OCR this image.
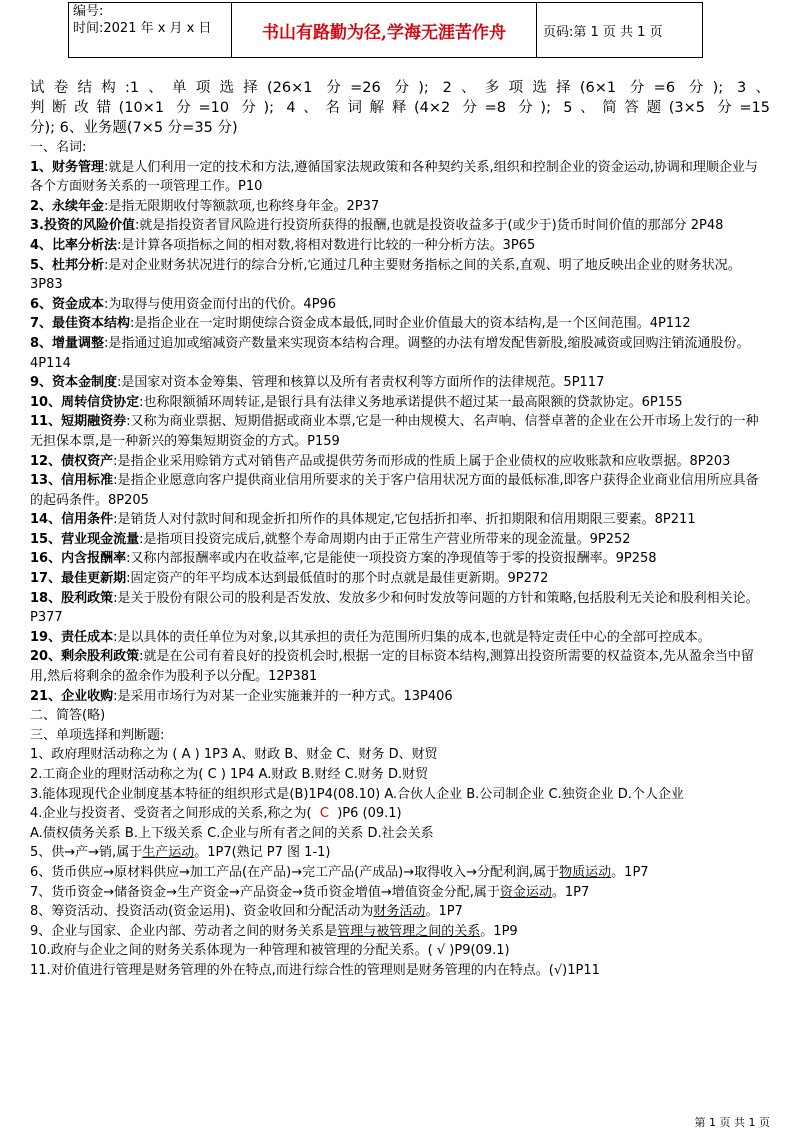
编号:
时间:2021 年 x 月 x 日	书山有路勤为径,学海无涯苦作舟	页码:第 1 页 共 1 页

试卷结构:1、单项选择(26×1 分=26 分); 2、多项选择(6×1 分=6 分); 3、

判断改错(10×1 分=10 分); 4、名词解释(4×2 分=8 分); 5、简答题(3×5 分=15

分); 6、业务题(7×5 分=35 分)

一、名词:

1、财务管理:就是人们利用一定的技术和方法,遵循国家法规政策和各种契约关系,组织和控制企业的资金运动,协调和理顺企业与各个方面财务关系的一项管理工作。P10

2、永续年金:是指无限期收付等额款项,也称终身年金。2P37

3.投资的风险价值:就是指投资者冒风险进行投资所获得的报酬,也就是投资收益多于(或少于)货币时间价值的那部分 2P48

4、比率分析法:是计算各项指标之间的相对数,将相对数进行比较的一种分析方法。3P65

5、杜邦分析:是对企业财务状况进行的综合分析,它通过几种主要财务指标之间的关系,直观、明了地反映出企业的财务状况。3P83

6、资金成本:为取得与使用资金而付出的代价。4P96

7、最佳资本结构:是指企业在一定时期使综合资金成本最低,同时企业价值最大的资本结构,是一个区间范围。4P112

8、增量调整:是指通过追加或缩减资产数量来实现资本结构合理。调整的办法有增发配售新股,缩股减资或回购注销流通股份。4P114

9、资本金制度:是国家对资本金筹集、管理和核算以及所有者责权利等方面所作的法律规范。5P117

10、周转信贷协定:也称限额循环周转证,是银行具有法律义务地承诺提供不超过某一最高限额的贷款协定。6P155

11、短期融资券:又称为商业票据、短期借据或商业本票,它是一种由规模大、名声响、信誉卓著的企业在公开市场上发行的一种无担保本票,是一种新兴的筹集短期资金的方式。P159

12、债权资产:是指企业采用赊销方式对销售产品或提供劳务而形成的性质上属于企业债权的应收账款和应收票据。8P203

13、信用标准:是指企业愿意向客户提供商业信用所要求的关于客户信用状况方面的最低标准,即客户获得企业商业信用所应具备的起码条件。8P205

14、信用条件:是销货人对付款时间和现金折扣所作的具体规定,它包括折扣率、折扣期限和信用期限三要素。8P211

15、营业现金流量:是指项目投资完成后,就整个寿命周期内由于正常生产营业所带来的现金流量。9P252

16、内含报酬率:又称内部报酬率或内在收益率,它是能使一项投资方案的净现值等于零的投资报酬率。9P258

17、最佳更新期:固定资产的年平均成本达到最低值时的那个时点就是最佳更新期。9P272

18、股利政策:是关于股份有限公司的股利是否发放、发放多少和何时发放等问题的方针和策略,包括股利无关论和股利相关论。 P377

19、责任成本:是以具体的责任单位为对象,以其承担的责任为范围所归集的成本,也就是特定责任中心的全部可控成本。

20、剩余股利政策:就是在公司有着良好的投资机会时,根据一定的目标资本结构,测算出投资所需要的权益资本,先从盈余当中留用,然后将剩余的盈余作为股利予以分配。12P381

21、企业收购:是采用市场行为对某一企业实施兼并的一种方式。13P406

二、简答(略)

三、单项选择和判断题:

1、政府理财活动称之为 ( A ) 1P3 A、财政 B、财金 C、财务 D、财贸

2.工商企业的理财活动称之为( C ) 1P4 A.财政 B.财经 C.财务 D.财贸

3.能体现现代企业制度基本特征的组织形式是(B)1P4(08.10) A.合伙人企业 B.公司制企业 C.独资企业 D.个人企业

4.企业与投资者、受资者之间形成的关系,称之为( C )P6 (09.1)

A.债权债务关系 B.上下级关系 C.企业与所有者之间的关系 D.社会关系

5、供→产→销,属于生产运动。1P7(熟记 P7 图 1-1)

6、货币供应→原材料供应→加工产品(在产品)→完工产品(产成品)→取得收入→分配利润,属于物质运动。1P7

7、货币资金→储备资金→生产资金→产品资金→货币资金增值→增值资金分配,属于资金运动。1P7

8、筹资活动、投资活动(资金运用)、资金收回和分配活动为财务活动。1P7

9、企业与国家、企业内部、劳动者之间的财务关系是管理与被管理之间的关系。1P9

10.政府与企业之间的财务关系体现为一种管理和被管理的分配关系。( √ )P9(09.1)

11.对价值进行管理是财务管理的外在特点,而进行综合性的管理则是财务管理的内在特点。(√)1P11

第 1 页 共 1 页
